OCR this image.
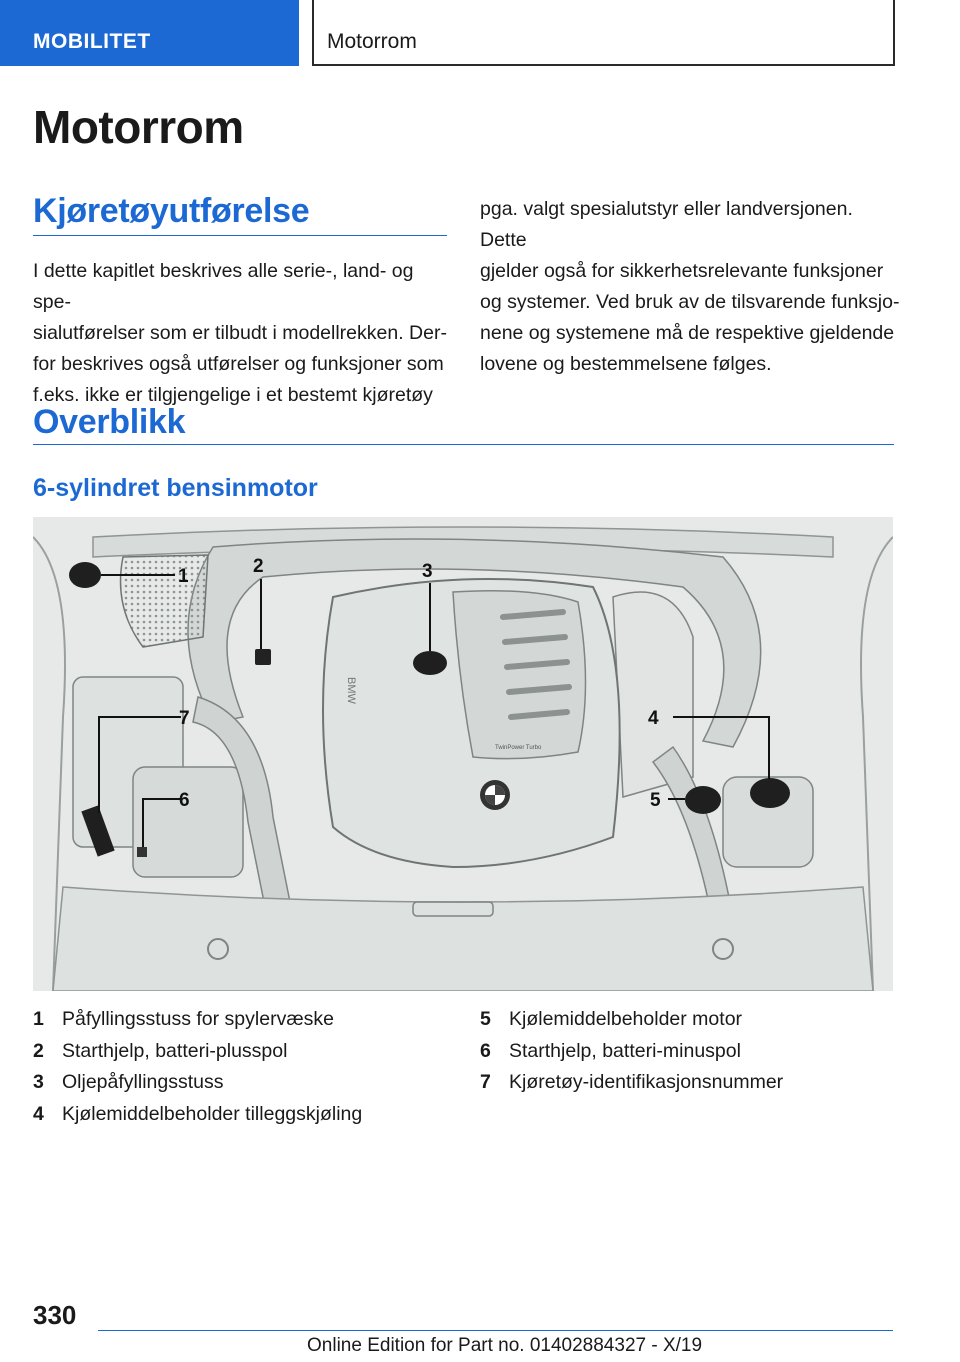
MOBILITET	Motorrom
Motorrom
Kjøretøyutførelse
I dette kapitlet beskrives alle serie-, land- og spe-
sialutførelser som er tilbudt i modellrekken. Der-
for beskrives også utførelser og funksjoner som
f.eks. ikke er tilgjengelige i et bestemt kjøretøy
pga. valgt spesialutstyr eller landversjonen. Dette
gjelder også for sikkerhetsrelevante funksjoner
og systemer. Ved bruk av de tilsvarende funksjo-
nene og systemene må de respektive gjeldende
lovene og bestemmelsene følges.
Overblikk
6-sylindret bensinmotor
TwinPower Turbo
BMW
1	2	3
4
5
6
7
1 Påfyllingsstuss for spylervæske
2 Starthjelp, batteri-plusspol
3 Oljepåfyllingsstuss
4 Kjølemiddelbeholder tilleggskjøling
5 Kjølemiddelbeholder motor
6 Starthjelp, batteri-minuspol
7 Kjøretøy-identifikasjonsnummer
330
Online Edition for Part no. 01402884327 - X/19
